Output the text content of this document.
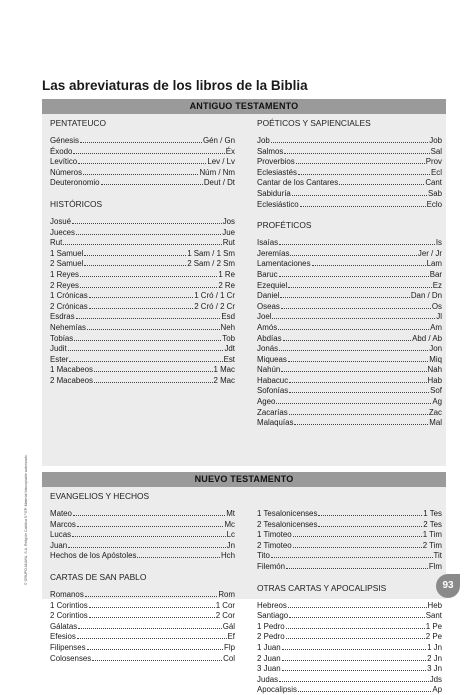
Las abreviaturas de los libros de la Biblia
ANTIGUO TESTAMENTO
PENTATEUCO
Génesis	Gén / Gn
Éxodo	Éx
Levítico	Lev / Lv
Números	Núm / Nm
Deuteronomio	Deut / Dt
HISTÓRICOS
Josué	Jos
Jueces	Jue
Rut	Rut
1 Samuel	1 Sam / 1 Sm
2 Samuel	2 Sam / 2 Sm
1 Reyes	1 Re
2 Reyes	2 Re
1 Crónicas	1 Cró / 1 Cr
2 Crónicas	2 Cró / 2 Cr
Esdras	Esd
Nehemías	Neh
Tobías	Tob
Judit	Jdt
Ester	Est
1 Macabeos	1 Mac
2 Macabeos	2 Mac
POÉTICOS Y SAPIENCIALES
Job	Job
Salmos	Sal
Proverbios	Prov
Eclesiastés	Ecl
Cantar de los Cantares	Cant
Sabiduría	Sab
Eclesiástico	Eclo
PROFÉTICOS
Isaías	Is
Jeremías	Jer / Jr
Lamentaciones	Lam
Baruc	Bar
Ezequiel	Ez
Daniel	Dan / Dn
Oseas	Os
Joel	Jl
Amós	Am
Abdías	Abd / Ab
Jonás	Jon
Miqueas	Miq
Nahún	Nah
Habacuc	Hab
Sofonías	Sof
Ageo	Ag
Zacarías	Zac
Malaquías	Mal
NUEVO TESTAMENTO
EVANGELIOS Y HECHOS
Mateo	Mt
Marcos	Mc
Lucas	Lc
Juan	Jn
Hechos de los Apóstoles	Hch
CARTAS DE SAN PABLO
Romanos	Rom
1 Corintios	1 Cor
2 Corintios	2 Cor
Gálatas	Gál
Efesios	Ef
Filipenses	Flp
Colosenses	Col
1 Tesalonicenses	1 Tes
2 Tesalonicenses	2 Tes
1 Timoteo	1 Tim
2 Timoteo	2 Tim
Tito	Tit
Filemón	Flm
OTRAS CARTAS Y APOCALIPSIS
Hebreos	Heb
Santiago	Sant
1 Pedro	1 Pe
2 Pedro	2 Pe
1 Juan	1 Jn
2 Juan	2 Jn
3 Juan	3 Jn
Judas	Jds
Apocalipsis	Ap
© GRUPO ANAYA, S.A. Religión Católica 5.º EP. Material fotocopiable autorizado.
93
